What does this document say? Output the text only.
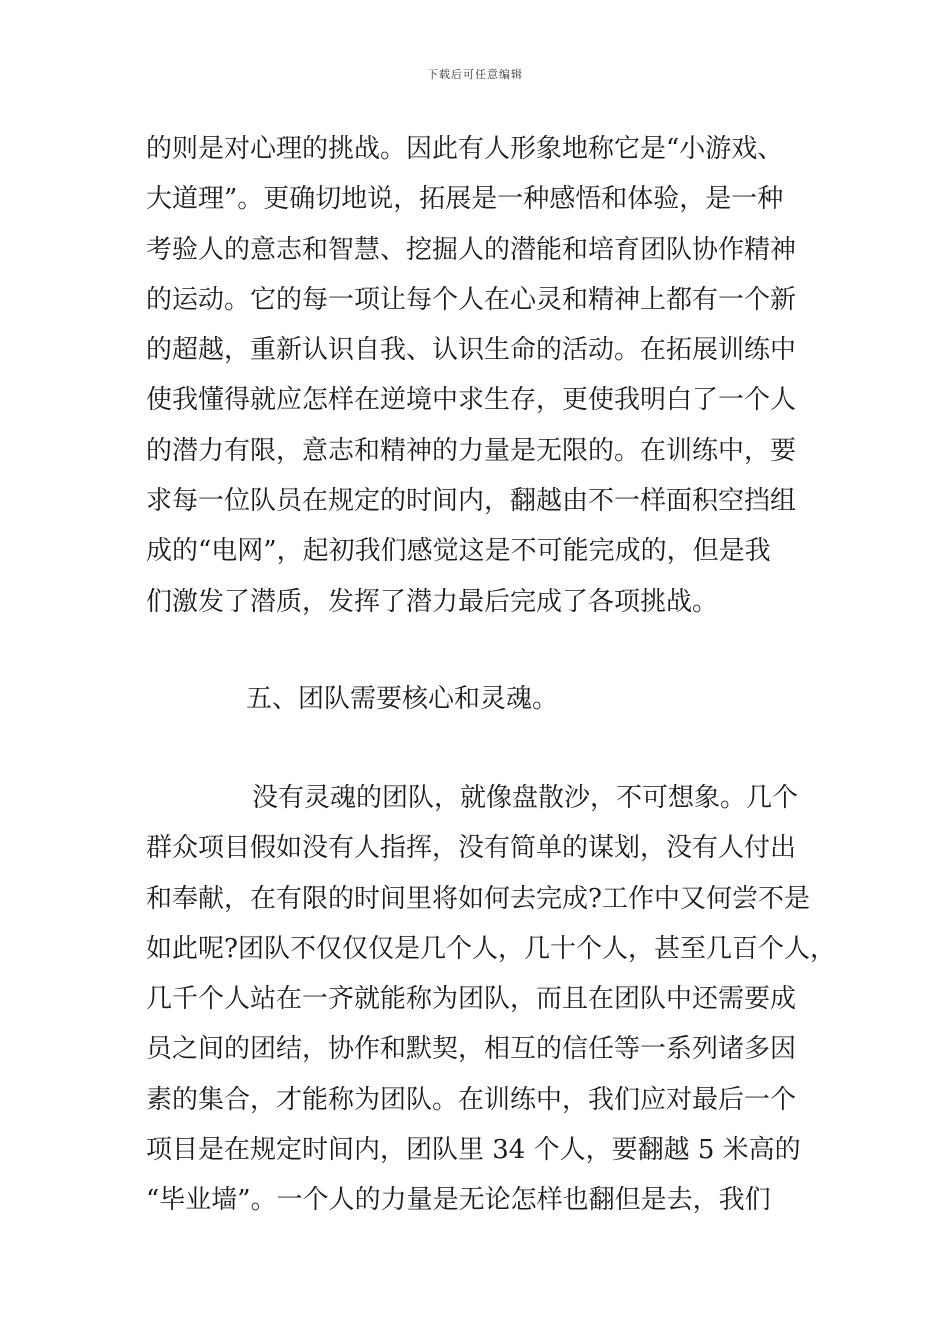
下载后可任意编辑
的则是对心理的挑战。因此有人形象地称它是“小游戏、
大道理”。更确切地说，拓展是一种感悟和体验，是一种
考验人的意志和智慧、挖掘人的潜能和培育团队协作精神
的运动。它的每一项让每个人在心灵和精神上都有一个新
的超越，重新认识自我、认识生命的活动。在拓展训练中
使我懂得就应怎样在逆境中求生存，更使我明白了一个人
的潜力有限，意志和精神的力量是无限的。在训练中，要
求每一位队员在规定的时间内，翻越由不一样面积空挡组
成的“电网”，起初我们感觉这是不可能完成的，但是我
们激发了潜质，发挥了潜力最后完成了各项挑战。
五、团队需要核心和灵魂。
没有灵魂的团队，就像盘散沙，不可想象。几个
群众项目假如没有人指挥，没有简单的谋划，没有人付出
和奉献，在有限的时间里将如何去完成?工作中又何尝不是
如此呢?团队不仅仅仅是几个人，几十个人，甚至几百个人，
几千个人站在一齐就能称为团队，而且在团队中还需要成
员之间的团结，协作和默契，相互的信任等一系列诸多因
素的集合，才能称为团队。在训练中，我们应对最后一个
项目是在规定时间内，团队里 34 个人，要翻越 5 米高的
“毕业墙”。一个人的力量是无论怎样也翻但是去，我们
